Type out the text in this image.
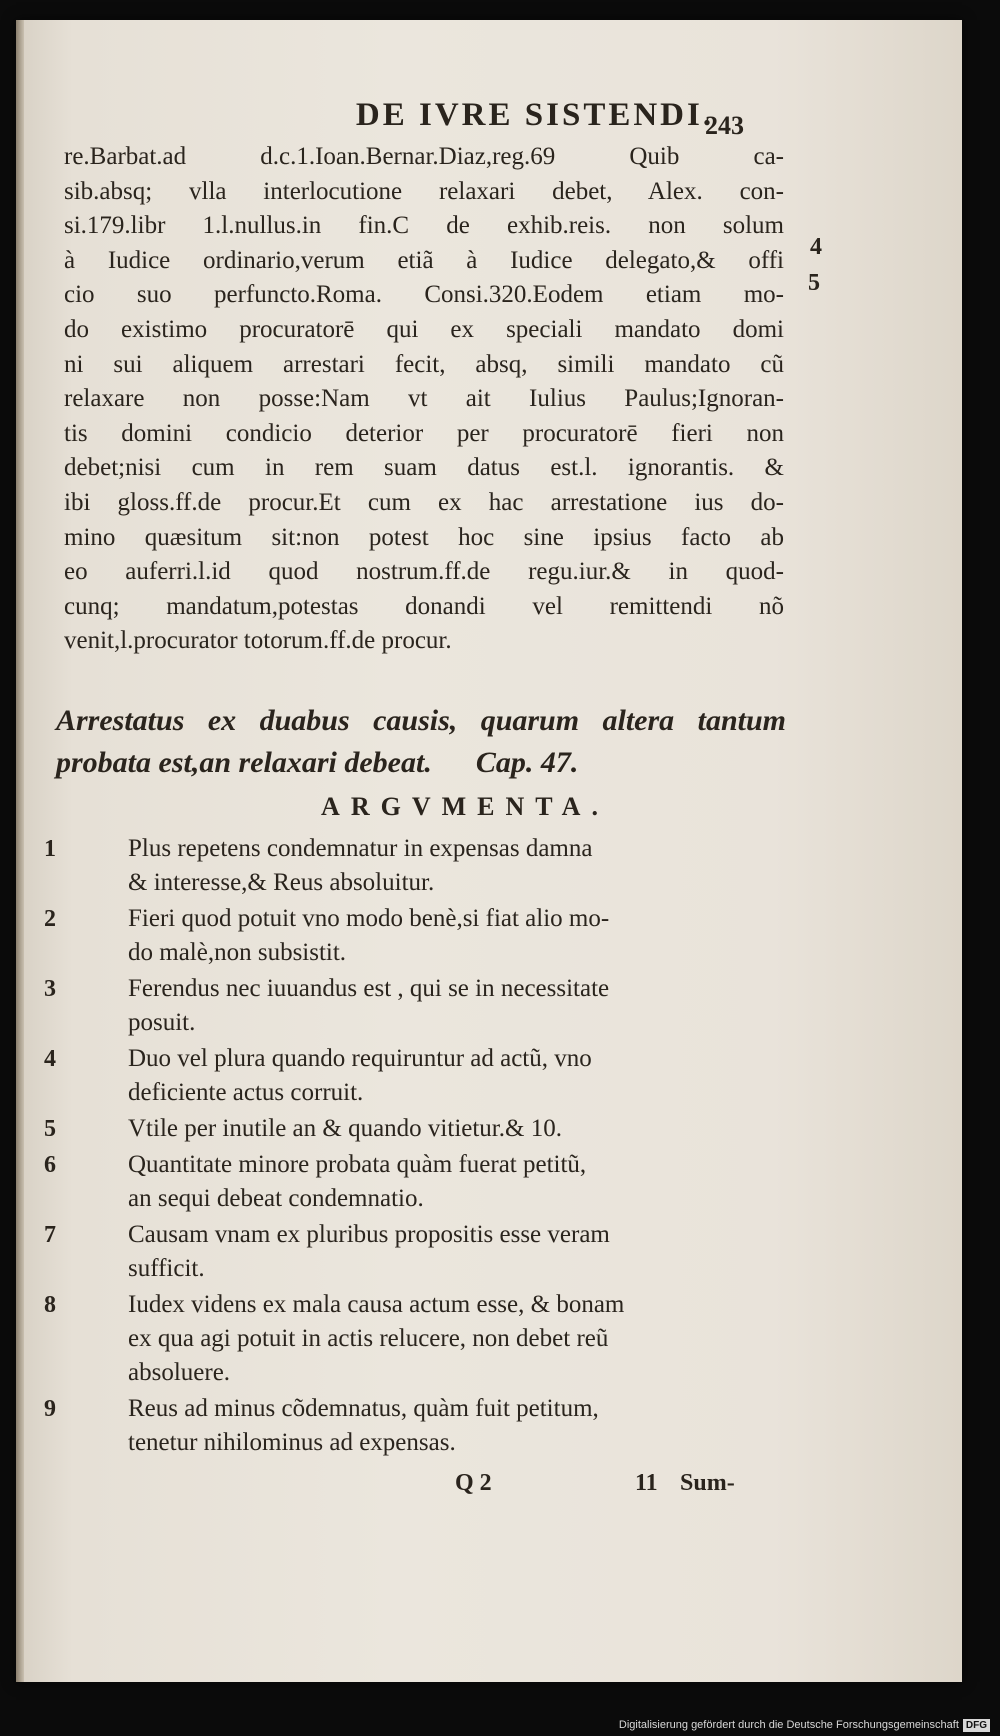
DE IVRE SISTENDI.
243
re.Barbat.ad d.c.1.Ioan.Bernar.Diaz,reg.69 Quib ca-
sib.absq; vlla interlocutione relaxari debet, Alex. con-
si.179.libr 1.l.nullus.in fin.C de exhib.reis. non solum
à Iudice ordinario,verum etiã à Iudice delegato,& offi
cio suo perfuncto.Roma. Consi.320.Eodem etiam mo-
do existimo procuratorē qui ex speciali mandato domi
ni sui aliquem arrestari fecit, absq, simili mandato cũ
relaxare non posse:Nam vt ait Iulius Paulus;Ignoran-
tis domini condicio deterior per procuratorē fieri non
debet;nisi cum in rem suam datus est.l. ignorantis. &
ibi gloss.ff.de procur.Et cum ex hac arrestatione ius do-
mino quæsitum sit:non potest hoc sine ipsius facto ab
eo auferri.l.id quod nostrum.ff.de regu.iur.& in quod-
cunq; mandatum,potestas donandi vel remittendi nõ
venit,l.procurator totorum.ff.de procur.
4
5
Arrestatus ex duabus causis, quarum altera tantum
probata est,an relaxari debeat. Cap. 47.
ARGVMENTA.
1	Plus repetens condemnatur in expensas damna
& interesse,& Reus absoluitur.
2	Fieri quod potuit vno modo benè,si fiat alio mo-
do malè,non subsistit.
3	Ferendus nec iuuandus est , qui se in necessitate
posuit.
4	Duo vel plura quando requiruntur ad actũ, vno
deficiente actus corruit.
5	Vtile per inutile an & quando vitietur.& 10.
6	Quantitate minore probata quàm fuerat petitũ,
an sequi debeat condemnatio.
7	Causam vnam ex pluribus propositis esse veram
sufficit.
8	Iudex videns ex mala causa actum esse, & bonam
ex qua agi potuit in actis relucere, non debet reũ
absoluere.
9	Reus ad minus cõdemnatus, quàm fuit petitum,
tenetur nihilominus ad expensas.
Q 2	11 Sum-
Digitalisierung gefördert durch die Deutsche Forschungsgemeinschaft DFG
